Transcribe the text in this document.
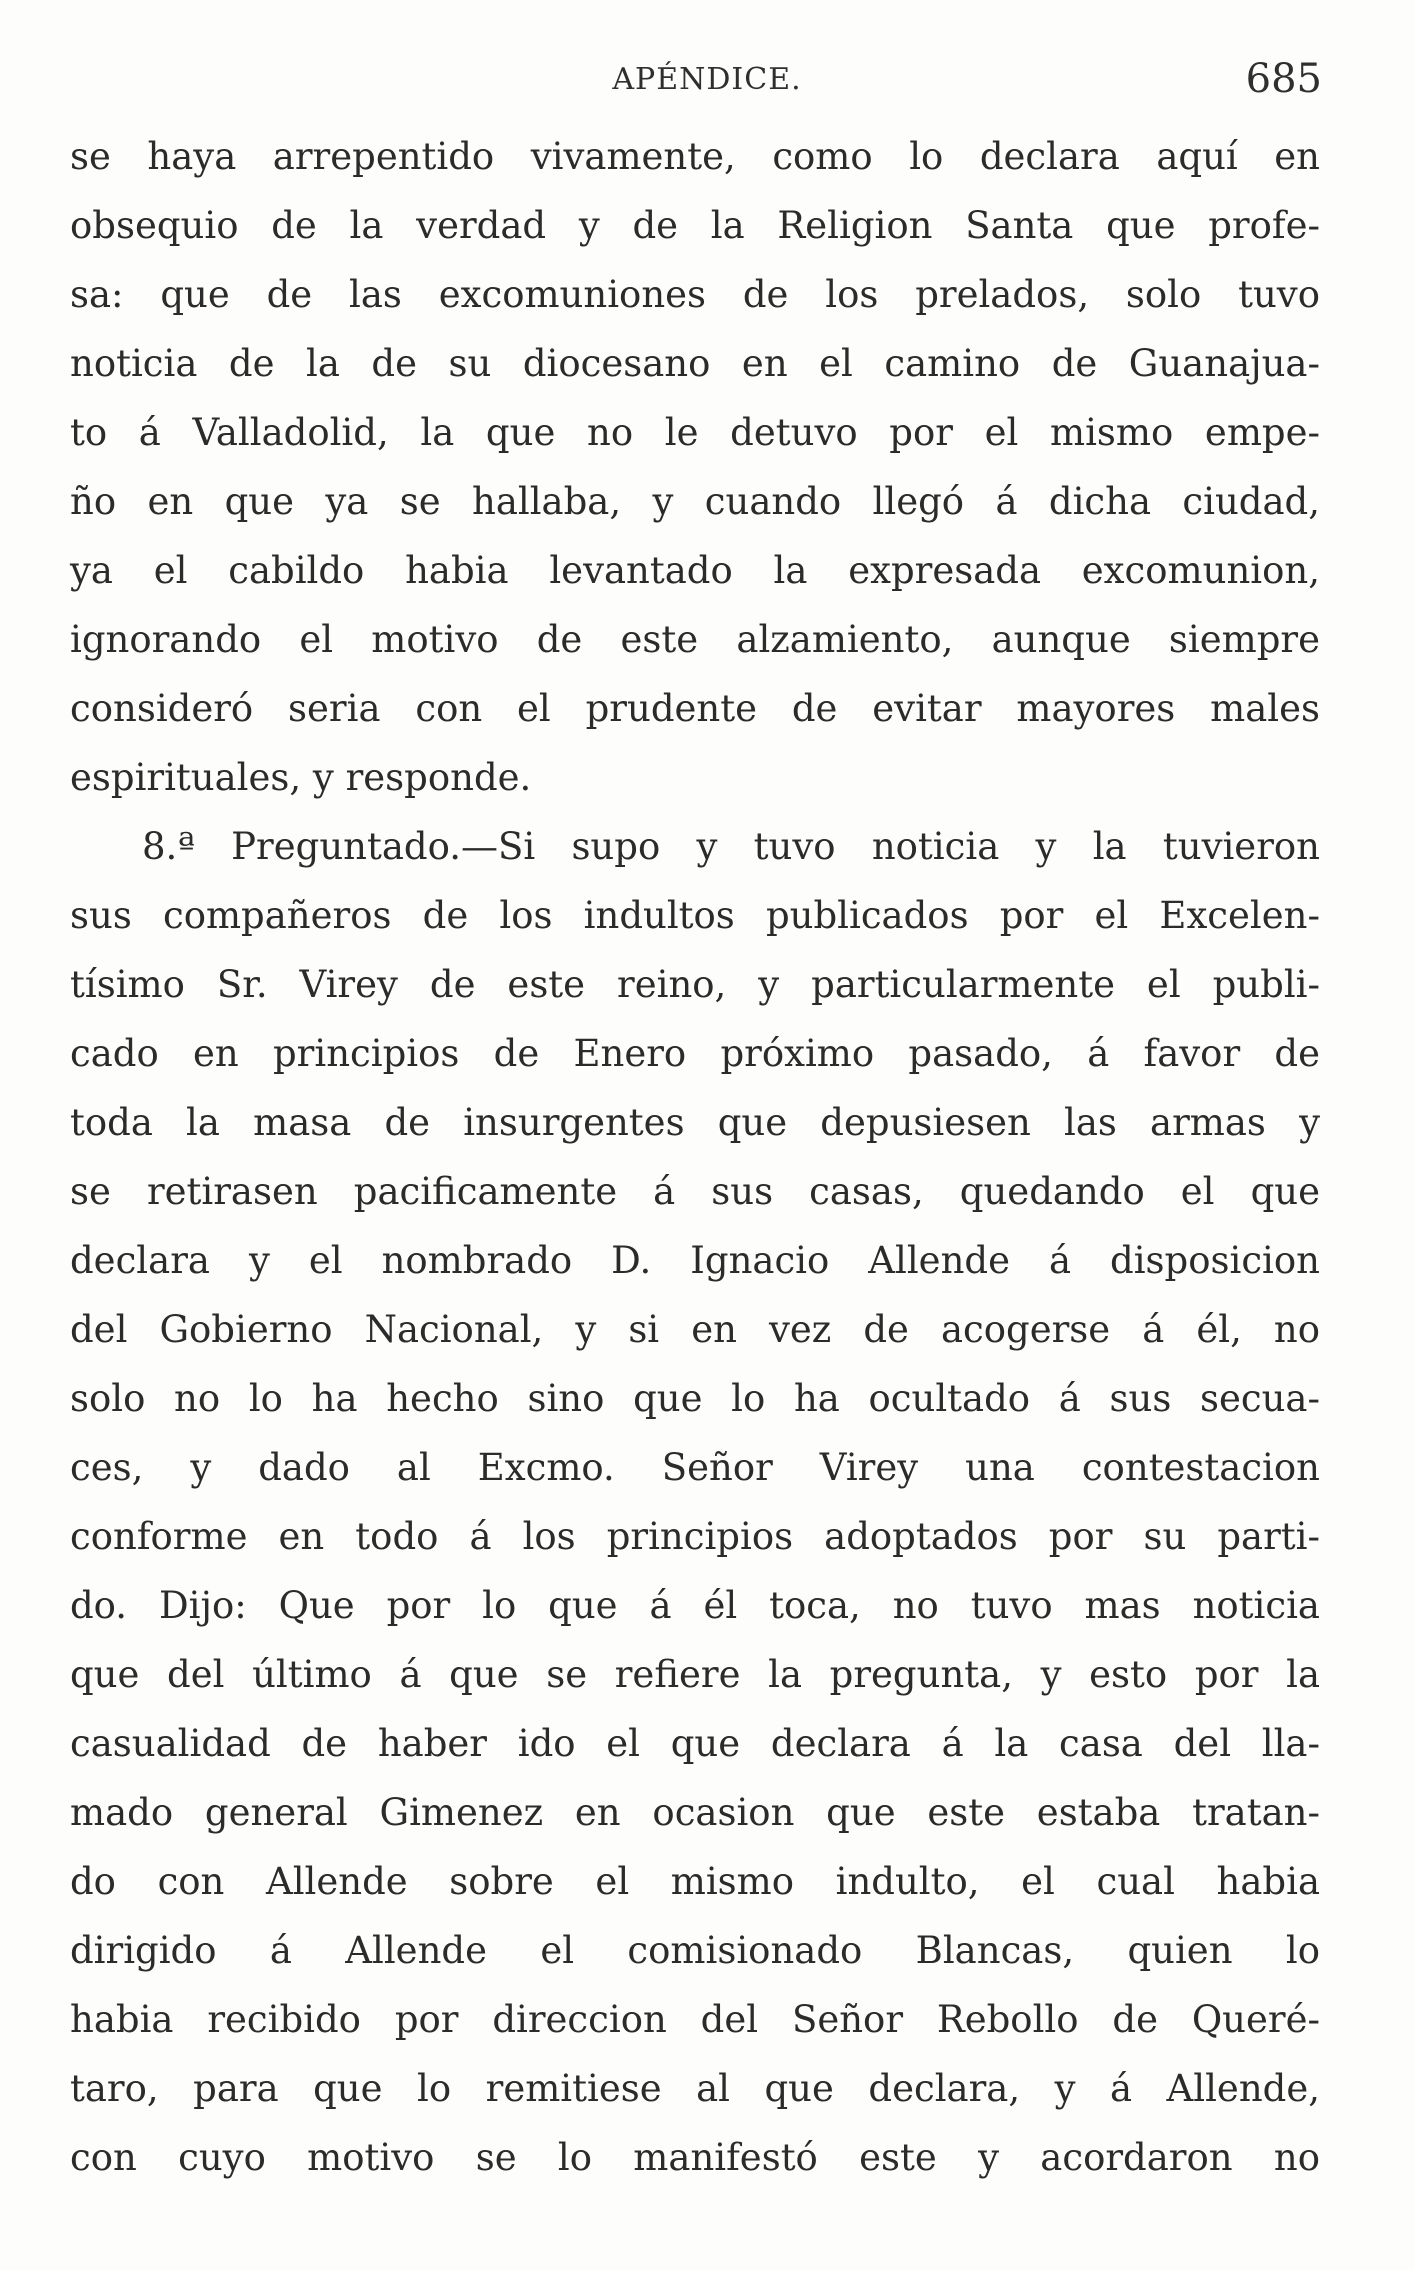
APÉNDICE.	685
se haya arrepentido vivamente, como lo declara aquí en
obsequio de la verdad y de la Religion Santa que profe-
sa: que de las excomuniones de los prelados, solo tuvo
noticia de la de su diocesano en el camino de Guanajua-
to á Valladolid, la que no le detuvo por el mismo empe-
ño en que ya se hallaba, y cuando llegó á dicha ciudad,
ya el cabildo habia levantado la expresada excomunion,
ignorando el motivo de este alzamiento, aunque siempre
consideró seria con el prudente de evitar mayores males
espirituales, y responde.
8.ª Preguntado.—Si supo y tuvo noticia y la tuvieron
sus compañeros de los indultos publicados por el Excelen-
tísimo Sr. Virey de este reino, y particularmente el publi-
cado en principios de Enero próximo pasado, á favor de
toda la masa de insurgentes que depusiesen las armas y
se retirasen pacificamente á sus casas, quedando el que
declara y el nombrado D. Ignacio Allende á disposicion
del Gobierno Nacional, y si en vez de acogerse á él, no
solo no lo ha hecho sino que lo ha ocultado á sus secua-
ces, y dado al Excmo. Señor Virey una contestacion
conforme en todo á los principios adoptados por su parti-
do. Dijo: Que por lo que á él toca, no tuvo mas noticia
que del último á que se refiere la pregunta, y esto por la
casualidad de haber ido el que declara á la casa del lla-
mado general Gimenez en ocasion que este estaba tratan-
do con Allende sobre el mismo indulto, el cual habia
dirigido á Allende el comisionado Blancas, quien lo
habia recibido por direccion del Señor Rebollo de Queré-
taro, para que lo remitiese al que declara, y á Allende,
con cuyo motivo se lo manifestó este y acordaron no
